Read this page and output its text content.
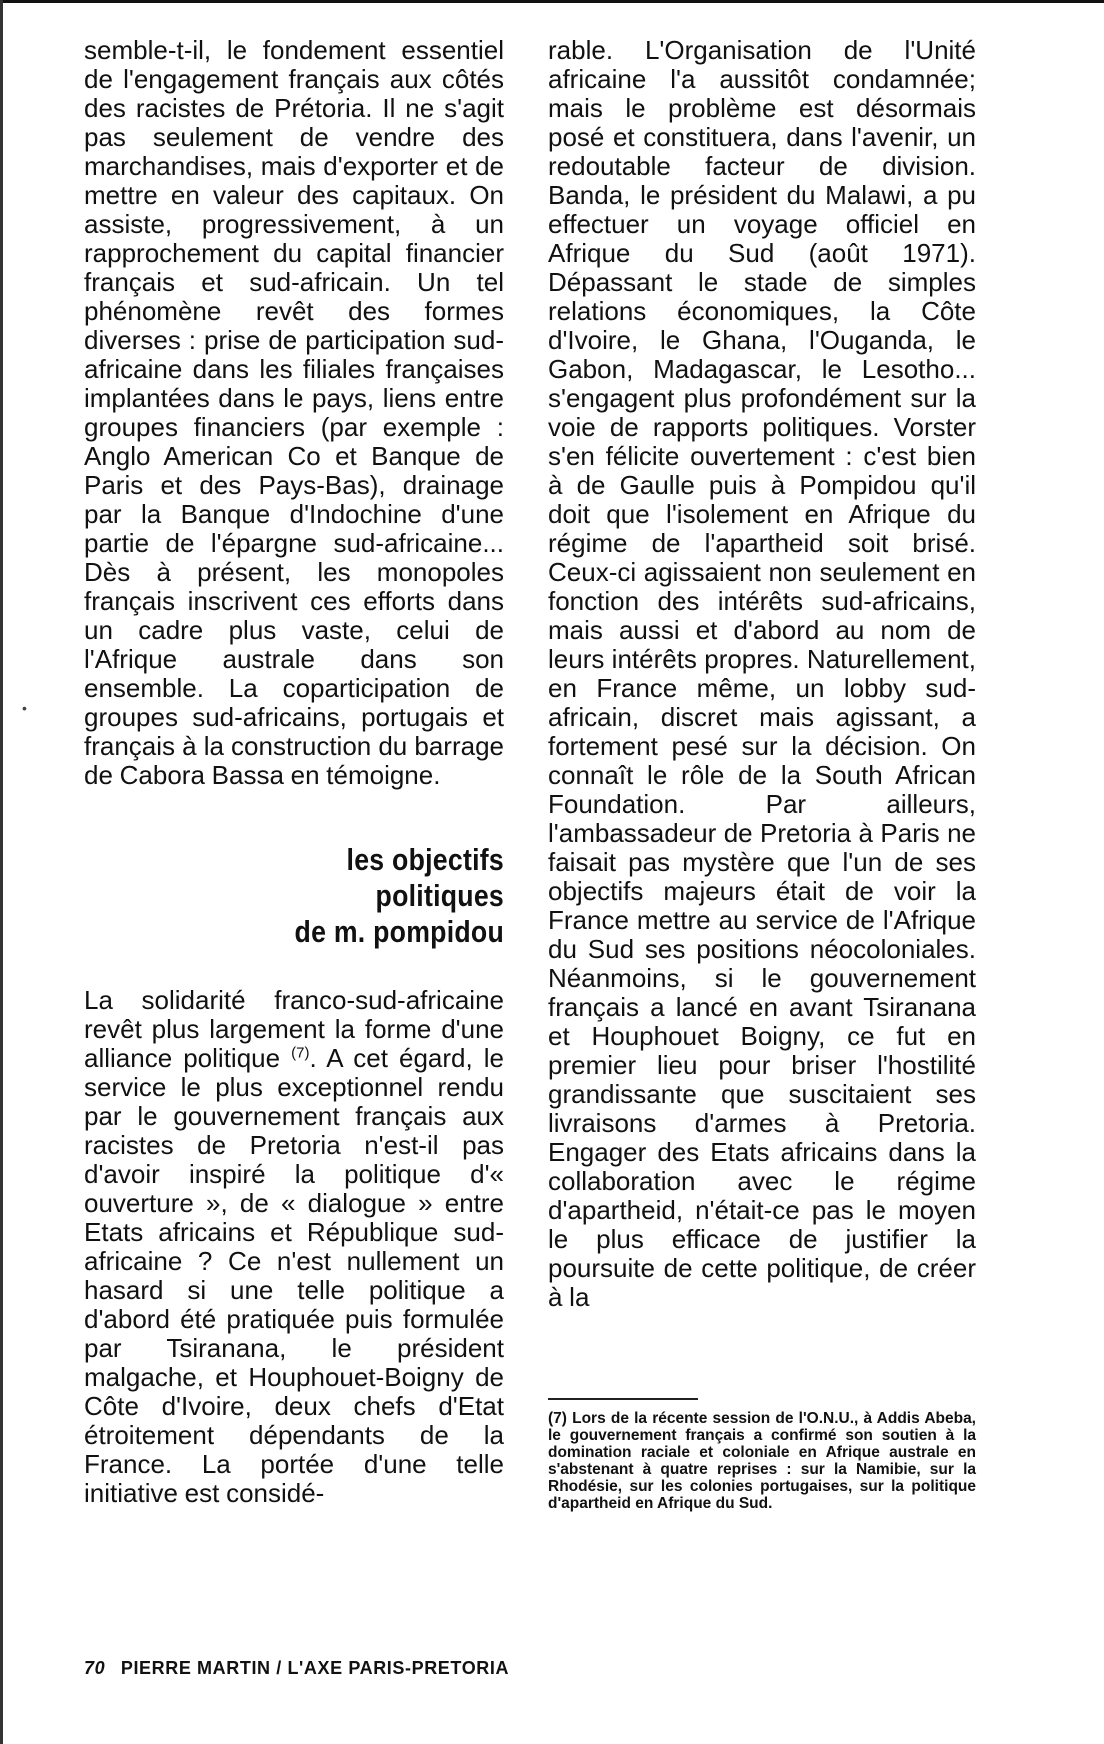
•

semble-t-il, le fondement essentiel de l'engagement français aux côtés des racistes de Prétoria. Il ne s'agit pas seulement de vendre des marchandises, mais d'exporter et de mettre en valeur des capitaux. On assiste, progressivement, à un rapprochement du capital financier français et sud-africain. Un tel phénomène revêt des formes diverses : prise de participation sud-africaine dans les filiales françaises implantées dans le pays, liens entre groupes financiers (par exemple : Anglo American Co et Banque de Paris et des Pays-Bas), drainage par la Banque d'Indochine d'une partie de l'épargne sud-africaine... Dès à présent, les monopoles français inscrivent ces efforts dans un cadre plus vaste, celui de l'Afrique australe dans son ensemble. La coparticipation de groupes sud-africains, portugais et français à la construction du barrage de Cabora Bassa en témoigne.

les objectifs
politiques
de m. pompidou

La solidarité franco-sud-africaine revêt plus largement la forme d'une alliance politique $^{(7)}$. A cet égard, le service le plus exceptionnel rendu par le gouvernement français aux racistes de Pretoria n'est-il pas d'avoir inspiré la politique d'« ouverture », de « dialogue » entre Etats africains et République sud-africaine ? Ce n'est nullement un hasard si une telle politique a d'abord été pratiquée puis formulée par Tsiranana, le président malgache, et Houphouet-Boigny de Côte d'Ivoire, deux chefs d'Etat étroitement dépendants de la France. La portée d'une telle initiative est considé-

rable. L'Organisation de l'Unité africaine l'a aussitôt condamnée; mais le problème est désormais posé et constituera, dans l'avenir, un redoutable facteur de division. Banda, le président du Malawi, a pu effectuer un voyage officiel en Afrique du Sud (août 1971). Dépassant le stade de simples relations économiques, la Côte d'Ivoire, le Ghana, l'Ouganda, le Gabon, Madagascar, le Lesotho... s'engagent plus profondément sur la voie de rapports politiques. Vorster s'en félicite ouvertement : c'est bien à de Gaulle puis à Pompidou qu'il doit que l'isolement en Afrique du régime de l'apartheid soit brisé. Ceux-ci agissaient non seulement en fonction des intérêts sud-africains, mais aussi et d'abord au nom de leurs intérêts propres. Naturellement, en France même, un lobby sud-africain, discret mais agissant, a fortement pesé sur la décision. On connaît le rôle de la South African Foundation. Par ailleurs, l'ambassadeur de Pretoria à Paris ne faisait pas mystère que l'un de ses objectifs majeurs était de voir la France mettre au service de l'Afrique du Sud ses positions néocoloniales. Néanmoins, si le gouvernement français a lancé en avant Tsiranana et Houphouet Boigny, ce fut en premier lieu pour briser l'hostilité grandissante que suscitaient ses livraisons d'armes à Pretoria. Engager des Etats africains dans la collaboration avec le régime d'apartheid, n'était-ce pas le moyen le plus efficace de justifier la poursuite de cette politique, de créer à la

(7) Lors de la récente session de l'O.N.U., à Addis Abeba, le gouvernement français a confirmé son soutien à la domination raciale et coloniale en Afrique australe en s'abstenant à quatre reprises : sur la Namibie, sur la Rhodésie, sur les colonies portugaises, sur la politique d'apartheid en Afrique du Sud.

70 PIERRE MARTIN / L'AXE PARIS-PRETORIA
